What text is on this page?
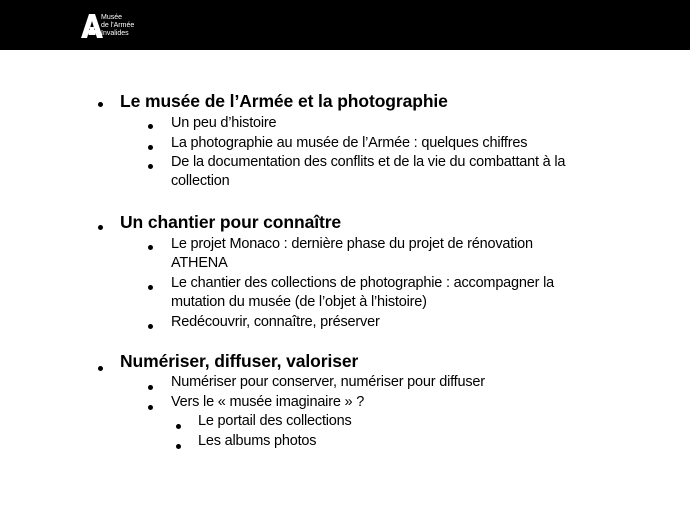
Musée
de l'Armée
Invalides
Le musée de l’Armée et la photographie
Un peu d’histoire
La photographie au musée de l’Armée : quelques chiffres
De la documentation des conflits et de la vie du combattant à la
collection
Un chantier pour connaître
Le projet Monaco : dernière phase du projet de rénovation
ATHENA
Le chantier des collections de photographie : accompagner la
mutation du musée (de l’objet à l’histoire)
Redécouvrir, connaître, préserver
Numériser, diffuser, valoriser
Numériser pour conserver, numériser pour diffuser
Vers le « musée imaginaire » ?
Le portail des collections
Les albums photos
